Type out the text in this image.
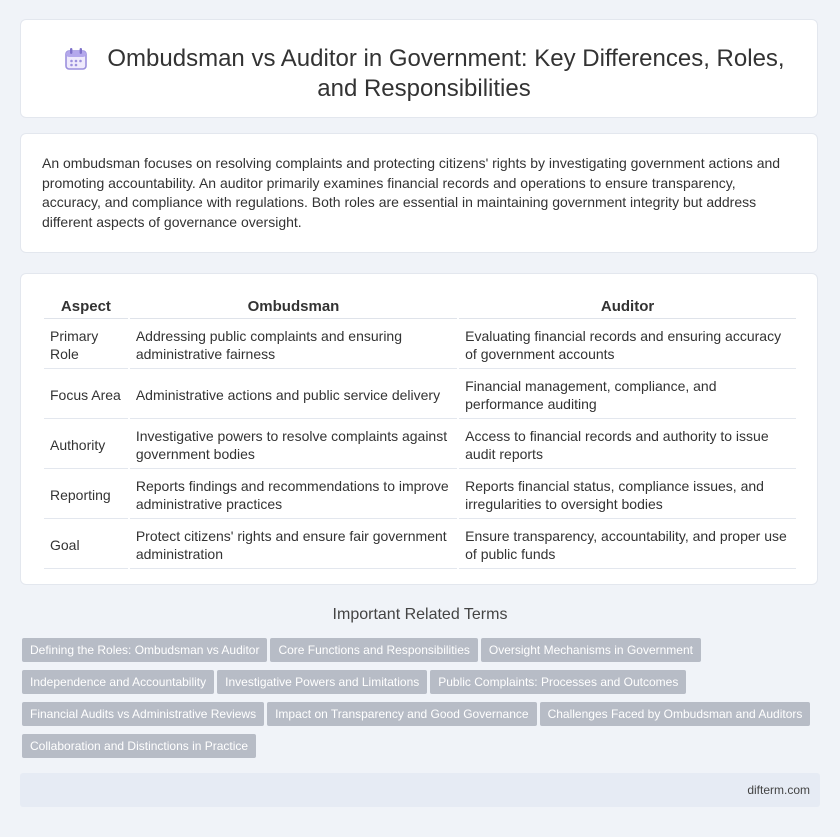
Ombudsman vs Auditor in Government: Key Differences, Roles, and Responsibilities

An ombudsman focuses on resolving complaints and protecting citizens' rights by investigating government actions and promoting accountability. An auditor primarily examines financial records and operations to ensure transparency, accuracy, and compliance with regulations. Both roles are essential in maintaining government integrity but address different aspects of governance oversight.

Aspect	Ombudsman	Auditor
Primary Role	Addressing public complaints and ensuring administrative fairness	Evaluating financial records and ensuring accuracy of government accounts
Focus Area	Administrative actions and public service delivery	Financial management, compliance, and performance auditing
Authority	Investigative powers to resolve complaints against government bodies	Access to financial records and authority to issue audit reports
Reporting	Reports findings and recommendations to improve administrative practices	Reports financial status, compliance issues, and irregularities to oversight bodies
Goal	Protect citizens' rights and ensure fair government administration	Ensure transparency, accountability, and proper use of public funds
Important Related Terms
Defining the Roles: Ombudsman vs Auditor Core Functions and Responsibilities Oversight Mechanisms in Government
Independence and Accountability Investigative Powers and Limitations Public Complaints: Processes and Outcomes
Financial Audits vs Administrative Reviews Impact on Transparency and Good Governance Challenges Faced by Ombudsman and Auditors
Collaboration and Distinctions in Practice
difterm.com
